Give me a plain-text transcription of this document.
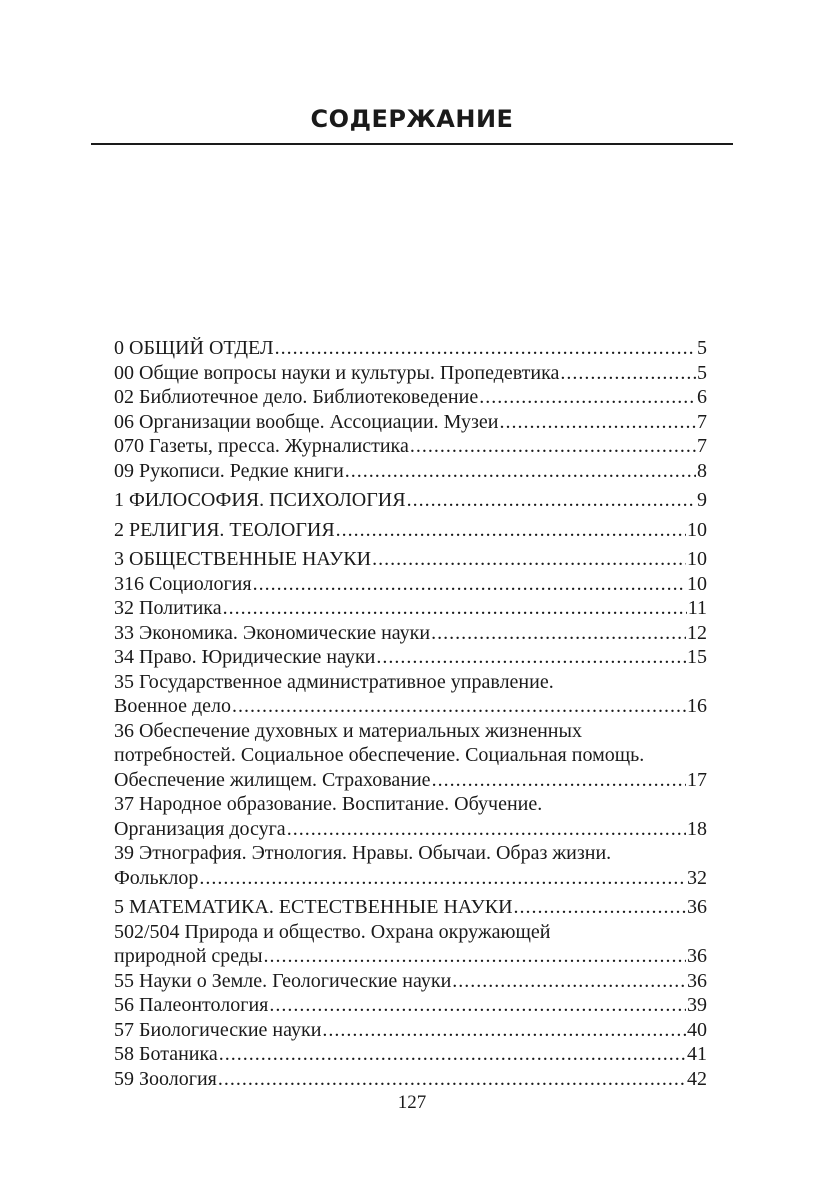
СОДЕРЖАНИЕ
0 ОБЩИЙ ОТДЕЛ . . .	5
00 Общие вопросы науки и культуры. Пропедевтика . . .	5
02 Библиотечное дело. Библиотековедение . . .	6
06 Организации вообще. Ассоциации. Музеи . . .	7
070 Газеты, пресса. Журналистика . . .	7
09 Рукописи. Редкие книги . . .	8
1 ФИЛОСОФИЯ. ПСИХОЛОГИЯ . . .	9
2 РЕЛИГИЯ. ТЕОЛОГИЯ . . .	10
3 ОБЩЕСТВЕННЫЕ НАУКИ . . .	10
316 Социология . . .	10
32 Политика . . .	11
33 Экономика. Экономические науки . . .	12
34 Право. Юридические науки . . .	15
35 Государственное административное управление.
Военное дело . . .	16
36 Обеспечение духовных и материальных жизненных
потребностей. Социальное обеспечение. Социальная помощь.
Обеспечение жилищем. Страхование . . .	17
37 Народное образование. Воспитание. Обучение.
Организация досуга . . .	18
39 Этнография. Этнология. Нравы. Обычаи. Образ жизни.
Фольклор . . .	32
5 МАТЕМАТИКА. ЕСТЕСТВЕННЫЕ НАУКИ . . .	36
502/504 Природа и общество. Охрана окружающей
природной среды . . .	36
55 Науки о Земле. Геологические науки . . .	36
56 Палеонтология . . .	39
57 Биологические науки . . .	40
58 Ботаника . . .	41
59 Зоология . . .	42
127
